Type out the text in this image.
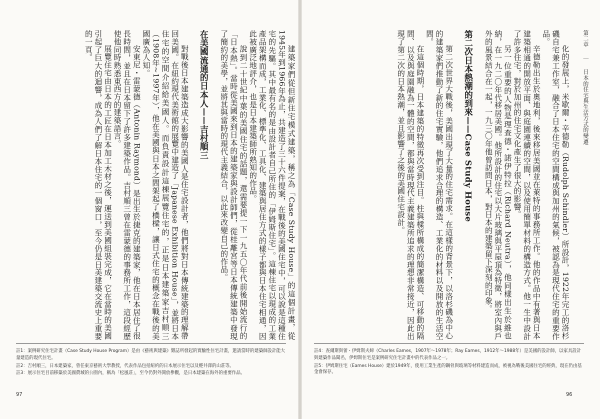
建築家們從但新住宅模式建築，稱之為「Case Study House」的這個計畫，從1945年到1966年為止，共建造了三十六件提案，在戰後的美國住宅中，可以說是這種住宅的先驅。其中最有名的是由設計者自己所住的「伊姆斯住宅」。這棟住宅以現成的工業產品架構而成，工業化、標準化、工具化、建築與居住方式的樣子都與日本住宅相通，因此被廣泛地評介，也是日本建築師所熟知的作品。

說到二十世紀中葉的美國住宅的話題，還需要提一下一九五〇年代前後開始流行的「日本熱」。當時從美國來到日本的建築家與設計師們，從桂離宮等日本傳統建築中發現了簡約的美學，並將其與當時的現代主義結合，以此來改變自己的作品。

在美國流通的日本人——吉村順三

對戰後日本建築造成大影響的美國人是住宅設計者，他們將對日本傳統建築的理解帶回美國。在紐約現代美術館的展覽中建造了「Japanese Exhibition House」，並將日本住宅的空間介紹給美國人。而負責設計這棟展覽住宅的，正是日本建築家吉村順三（1908年~1997年），他在美國與日本之間架起了橋樑，讓日式住宅的概念在戰後的美國廣為人知。

安東尼・雷蒙德（Antonin Raymond）是出生於捷克的建築家，他在日本居住了很長時間，並且在日本留下了許多建築作品。吉村順三曾在雷蒙德的事務所工作，這段經歷使他同時熟悉東西方的建築語言。

展覽住宅由日本的工匠在日本加工木材之後，運送到美國組裝完成，它在當時的美國引起了巨大的迴響，成為人們了解日本住宅的一個窗口，至今仍是日美建築交流史上重要的一頁。

註1：案例研究住宅計畫（Case Study House Program）是由《藝術與建築》雜誌所發起的實驗性住宅計畫，邀請當時的建築師設計能大量建造的現代住宅。

註2：吉村順三，日本建築家，曾任東京藝術大學教授，代表作品包括紐約的日本展示住宅以及輕井澤的山莊等。

註3：展示住宅目前移築於美國費城的公園內，稱為「松風莊」，至今仍對外開放參觀，是日本建築在海外的重要作品。

97
第二章 ｜ 日本的住宅與生活方式的變遷

化的發展上，米歇爾・辛德勒（Rudolph Schindler）所設計，1922年完工的洛杉磯自宅兼工作室，融合了日本住宅的空間構成與加州的氣候，被認為是現代住宅的重要作品。

辛德勒出生於奧地利，後來移居美國並在萊特的事務所工作。他的作品中有著與日本建築相通的開放平面、與庭園連續的空間，以及使用簡單材料的構造方式。他一生中設計了許多住宅，對於加州的住宅文化產生了很大的影響。

另一位重要的人物是理查德・諾伊特拉（Richard Neutra），他同樣出生於維也納，在一九二〇年代移居美國。他所設計的住宅以大片玻璃與平屋頂為特徵，將室內與戶外的風景結合在一起，一九三〇年他曾訪問日本，對日本的建築留下深刻的印象。

第二次日本熱潮的到來——Case Study House

第二次世界大戰後，美國出現了大量的住宅需求。在這樣的背景下，以洛杉磯為中心的建築家們推動了新的住宅實驗，他們追求合理的構造、工業化的材料以及開放的生活空間。

在這個時期，日本建築的特徵再次受到注目。柱與樑所構成的簡潔構造、可移動的隔間、以及與庭園融為一體的空間，都與當時現代主義建築所追求的理想非常接近，因此出現了第二次的日本熱潮，並且影響了之後的美國住宅設計。

註4：查爾斯與蕾・伊姆斯夫婦（Charles Eames，1907年～1978年；Ray Eames，1912年～1988年）是美國的設計師，以家具設計與建築作品聞名，伊姆斯住宅是案例研究住宅計畫中的代表作品之一。

註5：伊姆斯住宅（Eames House）建於1949年，使用工業生產的鋼骨與玻璃等材料建造而成，被視為戰後美國住宅的經典，現在仍由基金會保存。

96
